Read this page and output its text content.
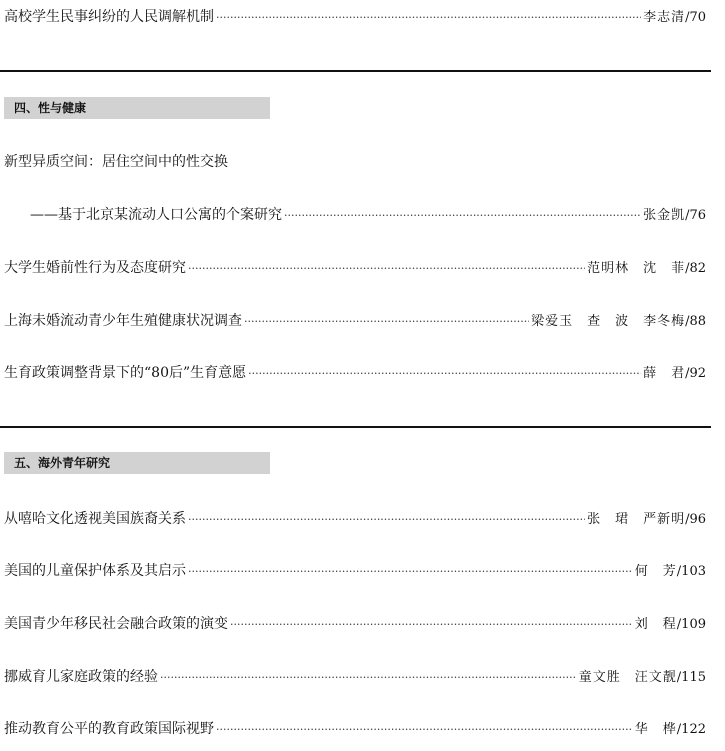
高校学生民事纠纷的人民调解机制 ·····	李志清 /70
四、性与健康
新型异质空间：居住空间中的性交换
——基于北京某流动人口公寓的个案研究 ·····	张金凯 /76
大学生婚前性行为及态度研究 ·····	范明林　沈　菲 /82
上海未婚流动青少年生殖健康状况调查 ·····	梁爱玉　查　波　李冬梅 /88
生育政策调整背景下的“80后”生育意愿 ·····	薛　君 /92
五、海外青年研究
从嘻哈文化透视美国族裔关系 ·····	张　珺　严新明 /96
美国的儿童保护体系及其启示 ·····	何　芳 /103
美国青少年移民社会融合政策的演变 ·····	刘　程 /109
挪威育儿家庭政策的经验 ·····	童文胜　汪文靓 /115
推动教育公平的教育政策国际视野 ·····	华　桦 /122
